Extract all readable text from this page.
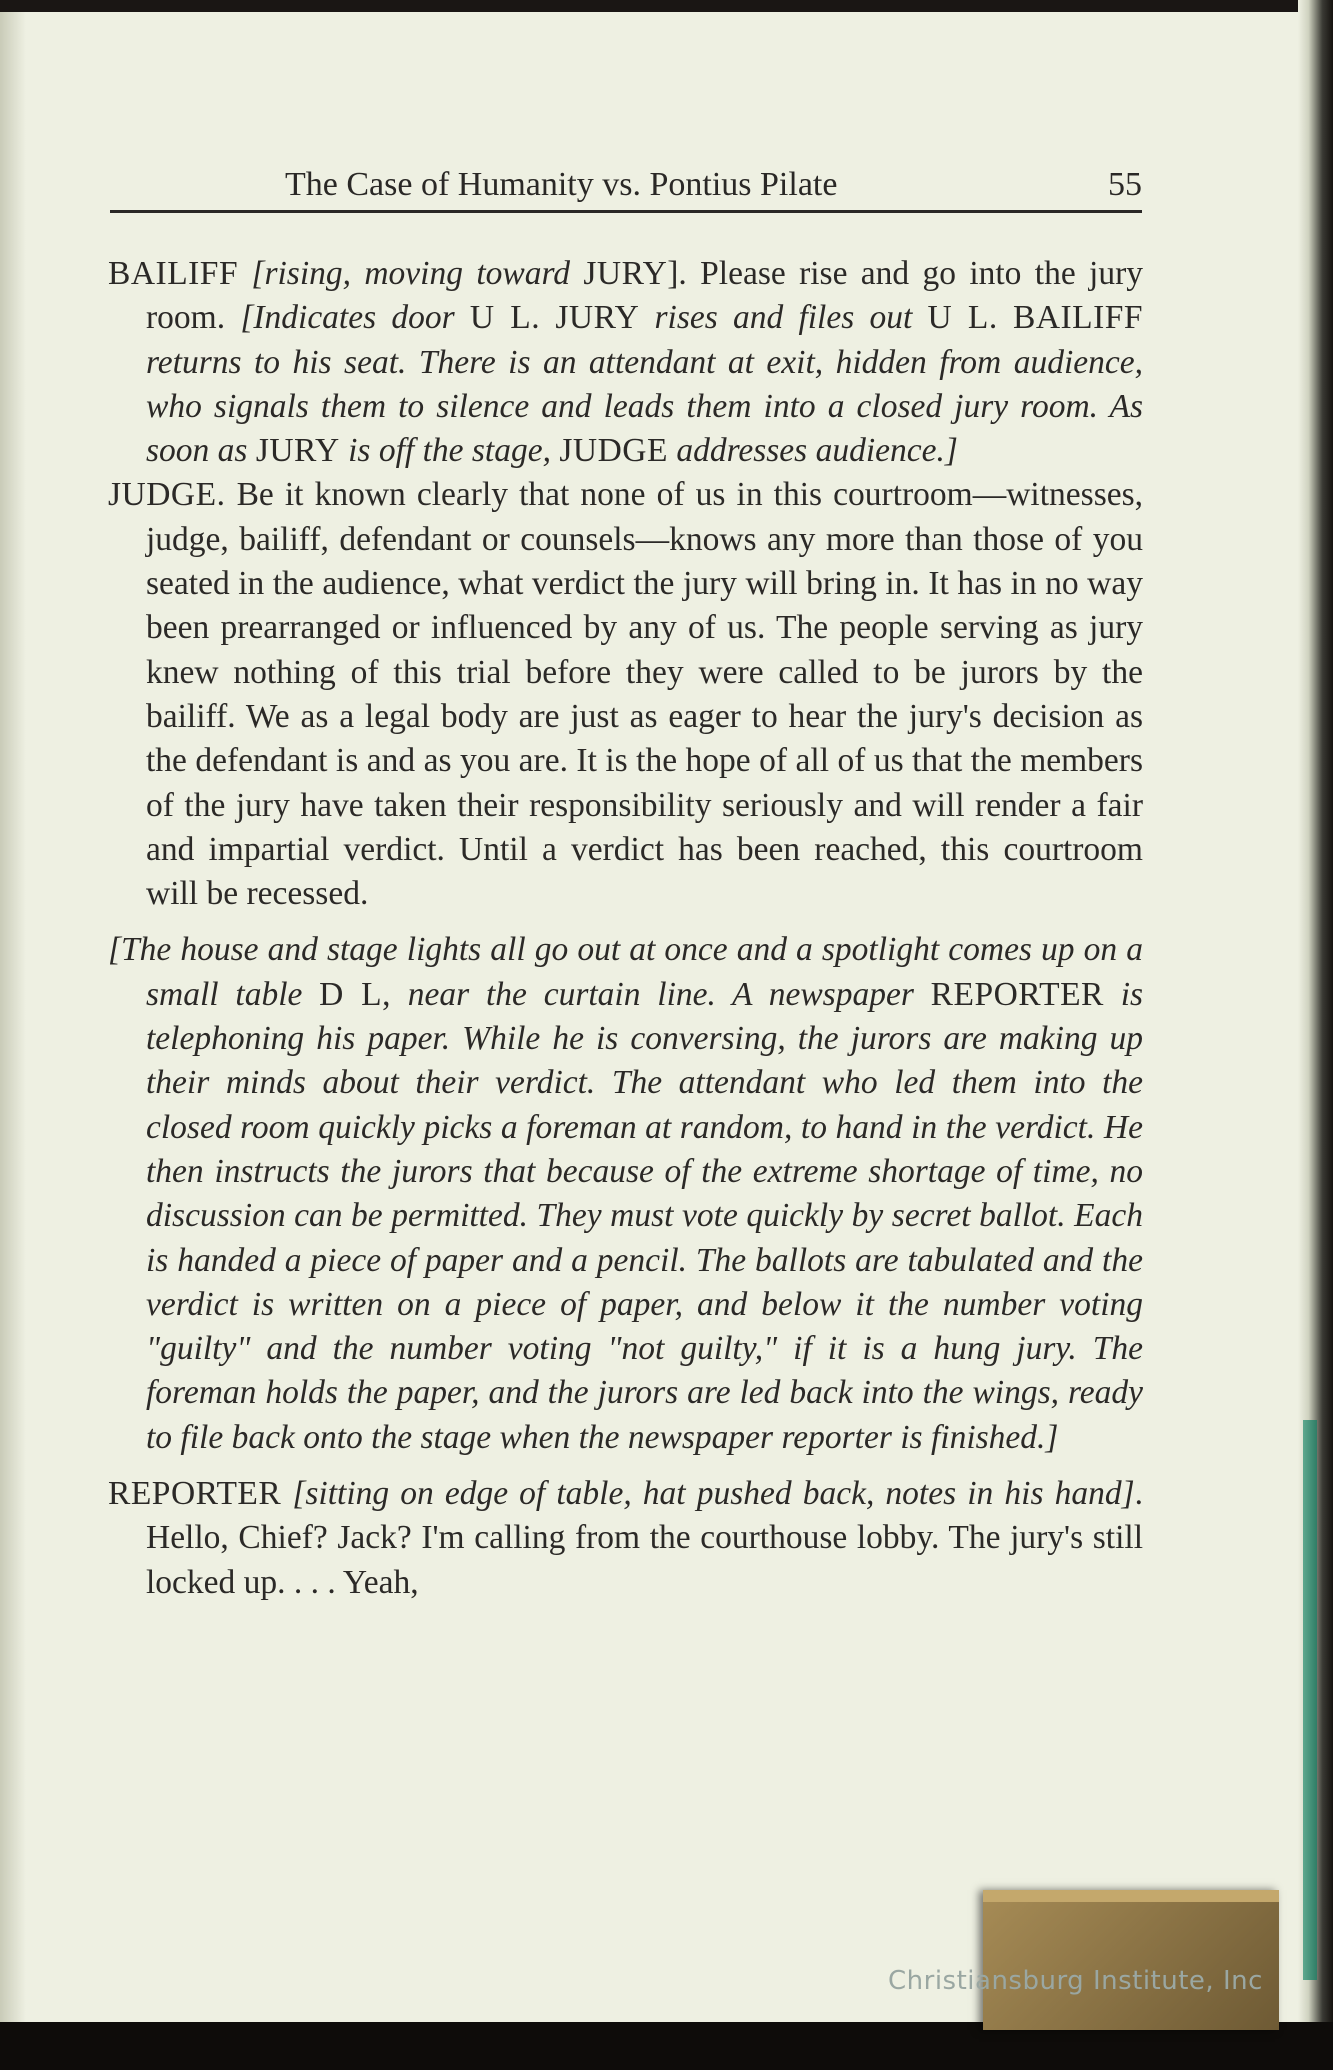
The Case of Humanity vs. Pontius Pilate	55

BAILIFF [rising, moving toward JURY]. Please rise and go into the jury room. [Indicates door U L. JURY rises and files out U L. BAILIFF returns to his seat. There is an attendant at exit, hidden from audience, who signals them to silence and leads them into a closed jury room. As soon as JURY is off the stage, JUDGE addresses audience.]

JUDGE. Be it known clearly that none of us in this courtroom—witnesses, judge, bailiff, defendant or counsels—knows any more than those of you seated in the audience, what verdict the jury will bring in. It has in no way been prearranged or influenced by any of us. The people serving as jury knew nothing of this trial before they were called to be jurors by the bailiff. We as a legal body are just as eager to hear the jury's decision as the defendant is and as you are. It is the hope of all of us that the members of the jury have taken their responsibility seriously and will render a fair and impartial verdict. Until a verdict has been reached, this courtroom will be recessed.

[The house and stage lights all go out at once and a spotlight comes up on a small table D L, near the curtain line. A newspaper REPORTER is telephoning his paper. While he is conversing, the jurors are making up their minds about their verdict. The attendant who led them into the closed room quickly picks a foreman at random, to hand in the verdict. He then instructs the jurors that because of the extreme shortage of time, no discussion can be permitted. They must vote quickly by secret ballot. Each is handed a piece of paper and a pencil. The ballots are tabulated and the verdict is written on a piece of paper, and below it the number voting "guilty" and the number voting "not guilty," if it is a hung jury. The foreman holds the paper, and the jurors are led back into the wings, ready to file back onto the stage when the newspaper reporter is finished.]

REPORTER [sitting on edge of table, hat pushed back, notes in his hand]. Hello, Chief? Jack? I'm calling from the courthouse lobby. The jury's still locked up. . . . Yeah,

Christiansburg Institute, Inc
